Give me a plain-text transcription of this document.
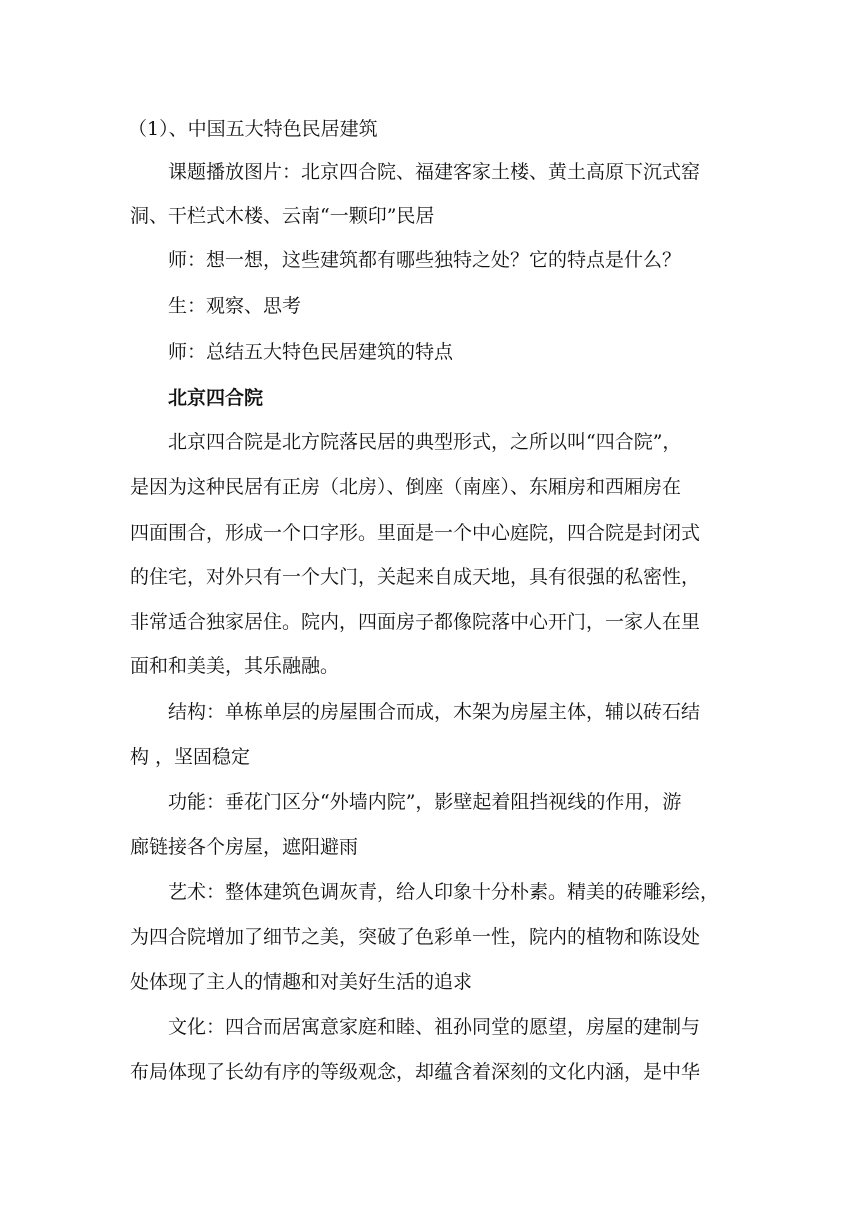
（1）、中国五大特色民居建筑
课题播放图片：北京四合院、福建客家土楼、黄土高原下沉式窑
洞、干栏式木楼、云南“一颗印”民居
师：想一想，这些建筑都有哪些独特之处？它的特点是什么？
生：观察、思考
师：总结五大特色民居建筑的特点
北京四合院
北京四合院是北方院落民居的典型形式，之所以叫“四合院”，
是因为这种民居有正房（北房）、倒座（南座）、东厢房和西厢房在
四面围合，形成一个口字形。里面是一个中心庭院，四合院是封闭式
的住宅，对外只有一个大门，关起来自成天地，具有很强的私密性，
非常适合独家居住。院内，四面房子都像院落中心开门，一家人在里
面和和美美，其乐融融。
结构：单栋单层的房屋围合而成，木架为房屋主体，辅以砖石结
构 ，坚固稳定
功能：垂花门区分“外墙内院”，影壁起着阻挡视线的作用，游
廊链接各个房屋，遮阳避雨
艺术：整体建筑色调灰青，给人印象十分朴素。精美的砖雕彩绘，
为四合院增加了细节之美，突破了色彩单一性，院内的植物和陈设处
处体现了主人的情趣和对美好生活的追求
文化：四合而居寓意家庭和睦、祖孙同堂的愿望，房屋的建制与
布局体现了长幼有序的等级观念，却蕴含着深刻的文化内涵，是中华
